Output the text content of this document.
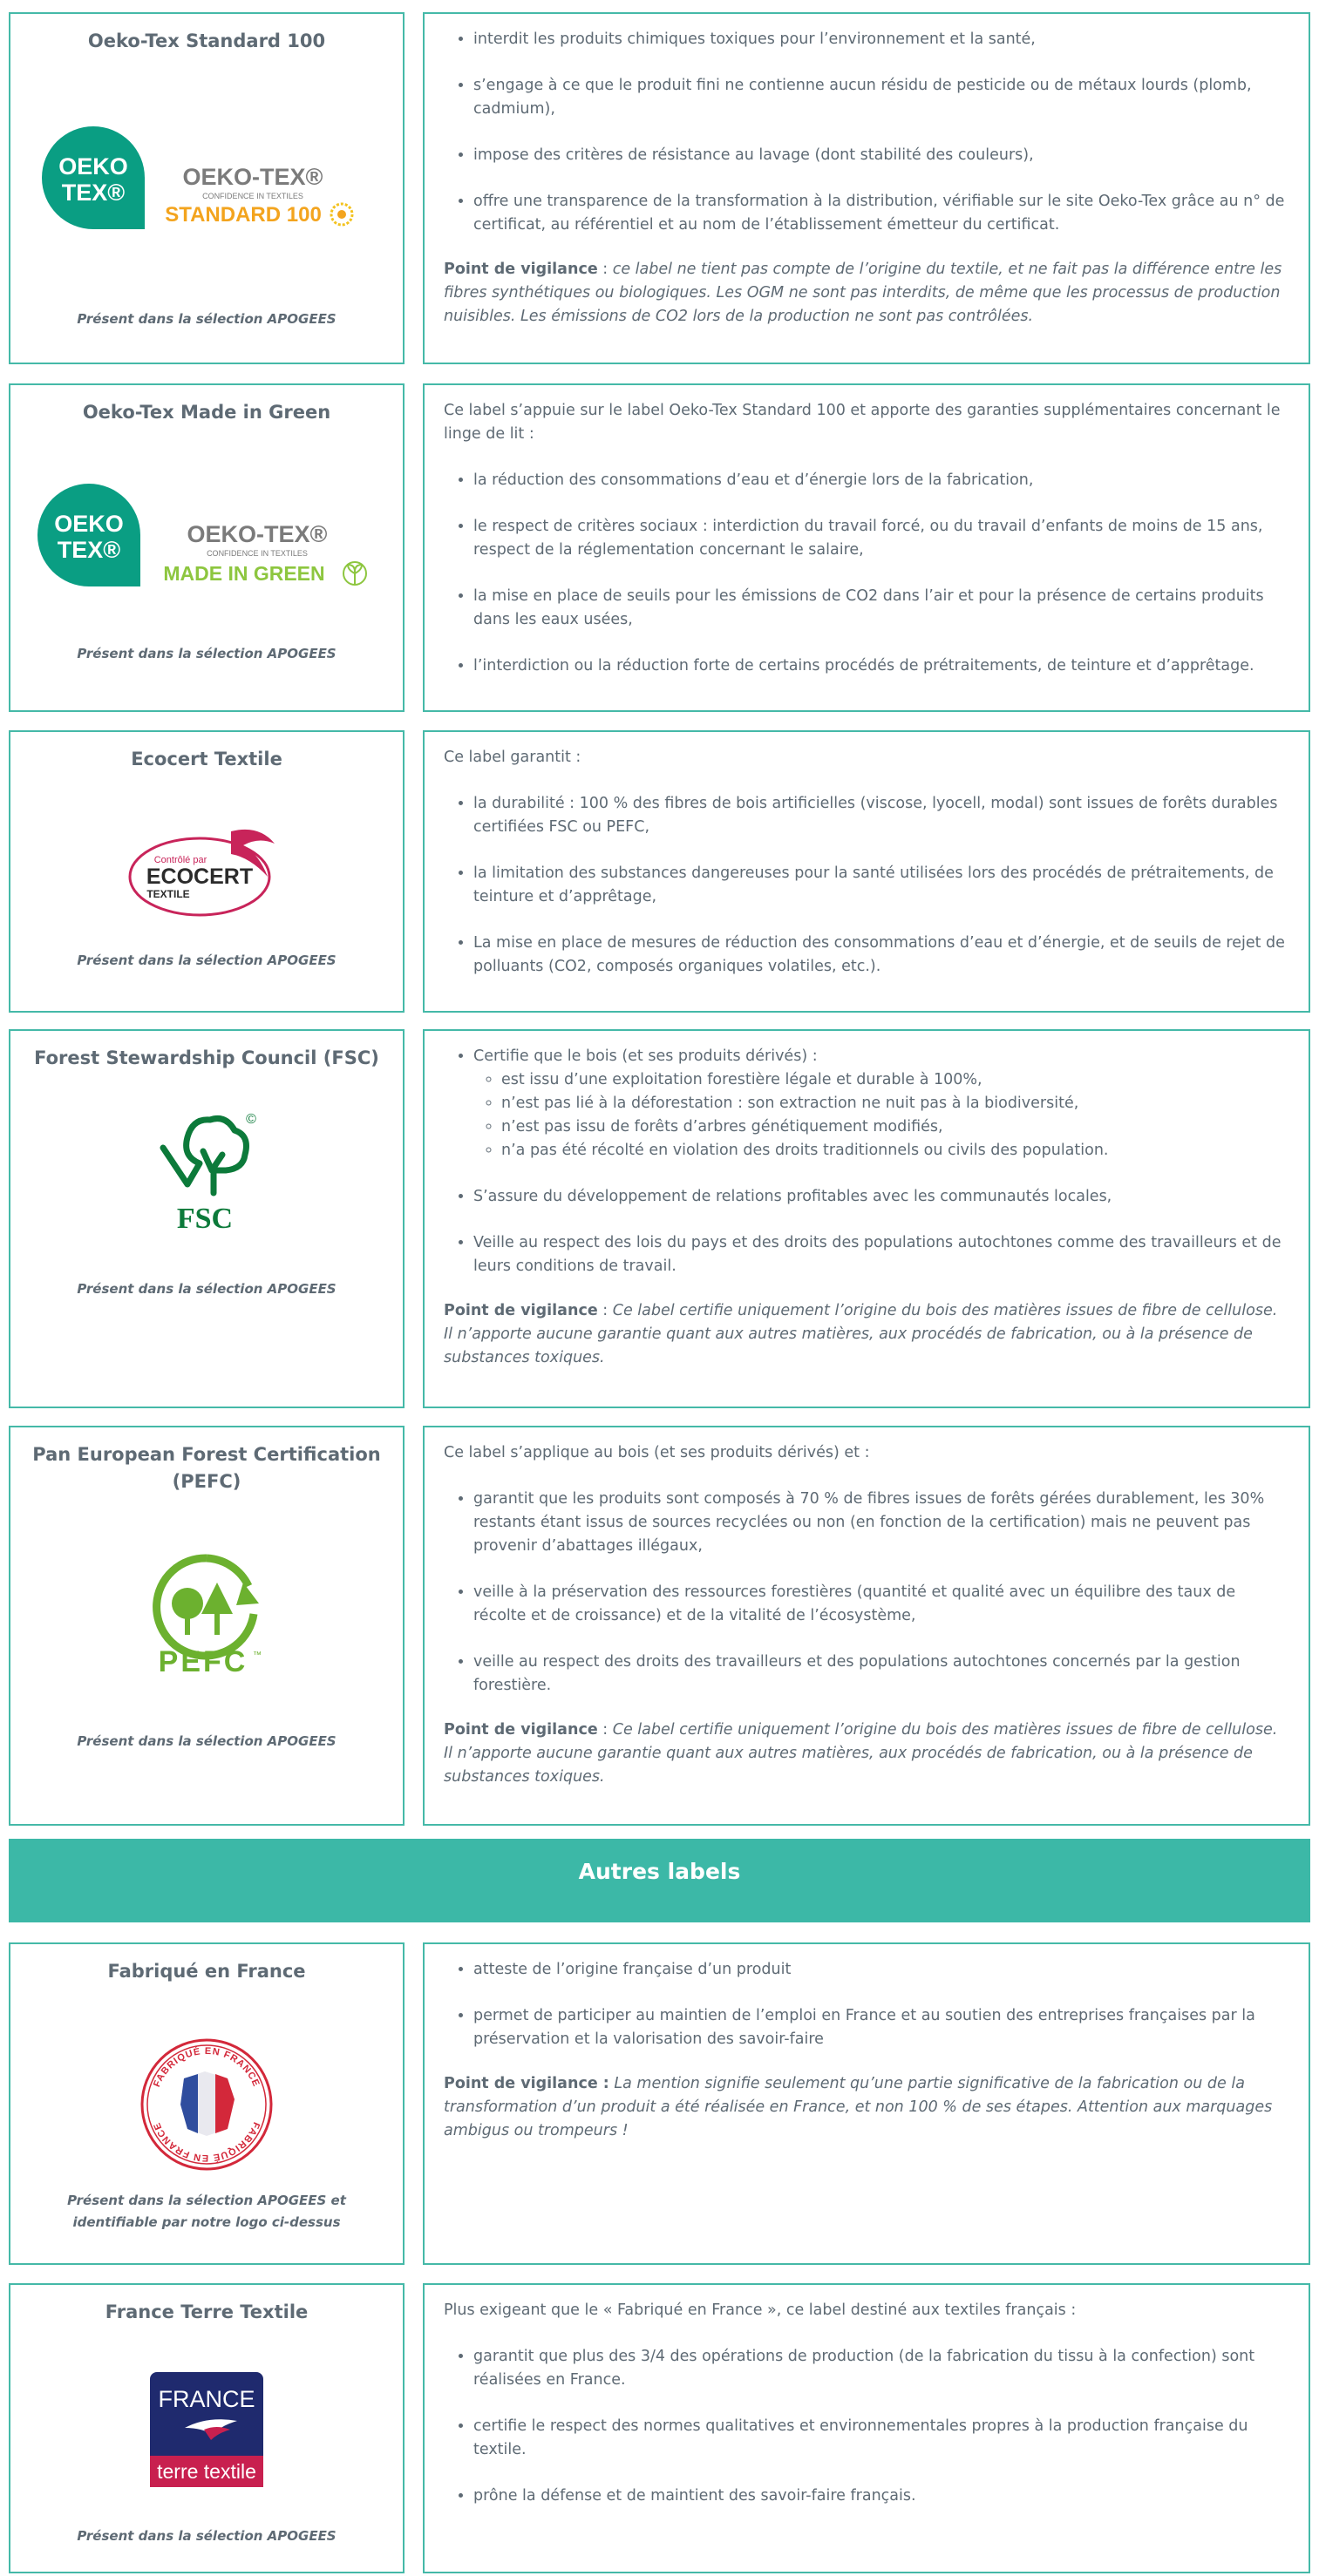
Oeko-Tex Standard 100
OEKO
TEX®
OEKO-TEX®
CONFIDENCE IN TEXTILES
STANDARD 100
Présent dans la sélection APOGEES
• interdit les produits chimiques toxiques pour l’environnement et la santé,
• s’engage à ce que le produit fini ne contienne aucun résidu de pesticide ou de métaux lourds (plomb, cadmium),
• impose des critères de résistance au lavage (dont stabilité des couleurs),
• offre une transparence de la transformation à la distribution, vérifiable sur le site Oeko-Tex grâce au n° de certificat, au référentiel et au nom de l’établissement émetteur du certificat.

Point de vigilance : ce label ne tient pas compte de l’origine du textile, et ne fait pas la différence entre les fibres synthétiques ou biologiques. Les OGM ne sont pas interdits, de même que les processus de production nuisibles. Les émissions de CO2 lors de la production ne sont pas contrôlées.

Oeko-Tex Made in Green
OEKO
TEX®
OEKO-TEX®
CONFIDENCE IN TEXTILES
MADE IN GREEN
Présent dans la sélection APOGEES

Ce label s’appuie sur le label Oeko-Tex Standard 100 et apporte des garanties supplémentaires concernant le linge de lit :

• la réduction des consommations d’eau et d’énergie lors de la fabrication,
• le respect de critères sociaux : interdiction du travail forcé, ou du travail d’enfants de moins de 15 ans, respect de la réglementation concernant le salaire,
• la mise en place de seuils pour les émissions de CO2 dans l’air et pour la présence de certains produits dans les eaux usées,
• l’interdiction ou la réduction forte de certains procédés de prétraitements, de teinture et d’apprêtage.
Ecocert Textile
Contrôlé par
ECOCERT
TEXTILE
Présent dans la sélection APOGEES

Ce label garantit :

• la durabilité : 100 % des fibres de bois artificielles (viscose, lyocell, modal) sont issues de forêts durables certifiées FSC ou PEFC,
• la limitation des substances dangereuses pour la santé utilisées lors des procédés de prétraitements, de teinture et d’apprêtage,
• La mise en place de mesures de réduction des consommations d’eau et d’énergie, et de seuils de rejet de polluants (CO2, composés organiques volatiles, etc.).
Forest Stewardship Council (FSC)
©
FSC
Présent dans la sélection APOGEES
• Certifie que le bois (et ses produits dérivés) :
◦ est issu d’une exploitation forestière légale et durable à 100%,
◦ n’est pas lié à la déforestation : son extraction ne nuit pas à la biodiversité,
◦ n’est pas issu de forêts d’arbres génétiquement modifiés,
◦ n’a pas été récolté en violation des droits traditionnels ou civils des population.
• S’assure du développement de relations profitables avec les communautés locales,
• Veille au respect des lois du pays et des droits des populations autochtones comme des travailleurs et de leurs conditions de travail.

Point de vigilance : Ce label certifie uniquement l’origine du bois des matières issues de fibre de cellulose. Il n’apporte aucune garantie quant aux autres matières, aux procédés de fabrication, ou à la présence de substances toxiques.

Pan European Forest Certification (PEFC)
PEFC ™
Présent dans la sélection APOGEES

Ce label s’applique au bois (et ses produits dérivés) et :

• garantit que les produits sont composés à 70 % de fibres issues de forêts gérées durablement, les 30% restants étant issus de sources recyclées ou non (en fonction de la certification) mais ne peuvent pas provenir d’abattages illégaux,
• veille à la préservation des ressources forestières (quantité et qualité avec un équilibre des taux de récolte et de croissance) et de la vitalité de l’écosystème,
• veille au respect des droits des travailleurs et des populations autochtones concernés par la gestion forestière.

Point de vigilance : Ce label certifie uniquement l’origine du bois des matières issues de fibre de cellulose. Il n’apporte aucune garantie quant aux autres matières, aux procédés de fabrication, ou à la présence de substances toxiques.

Autres labels
Fabriqué en France
FABRIQUÉ EN FRANCE
FABRIQUÉ EN FRANCE
Présent dans la sélection APOGEES et identifiable par notre logo ci-dessus
• atteste de l’origine française d’un produit
• permet de participer au maintien de l’emploi en France et au soutien des entreprises françaises par la préservation et la valorisation des savoir-faire

Point de vigilance : La mention signifie seulement qu’une partie significative de la fabrication ou de la transformation d’un produit a été réalisée en France, et non 100 % de ses étapes. Attention aux marquages ambigus ou trompeurs !

France Terre Textile
FRANCE
terre textile
Présent dans la sélection APOGEES

Plus exigeant que le « Fabriqué en France », ce label destiné aux textiles français :

• garantit que plus des 3/4 des opérations de production (de la fabrication du tissu à la confection) sont réalisées en France.
• certifie le respect des normes qualitatives et environnementales propres à la production française du textile.
• prône la défense et de maintient des savoir-faire français.
